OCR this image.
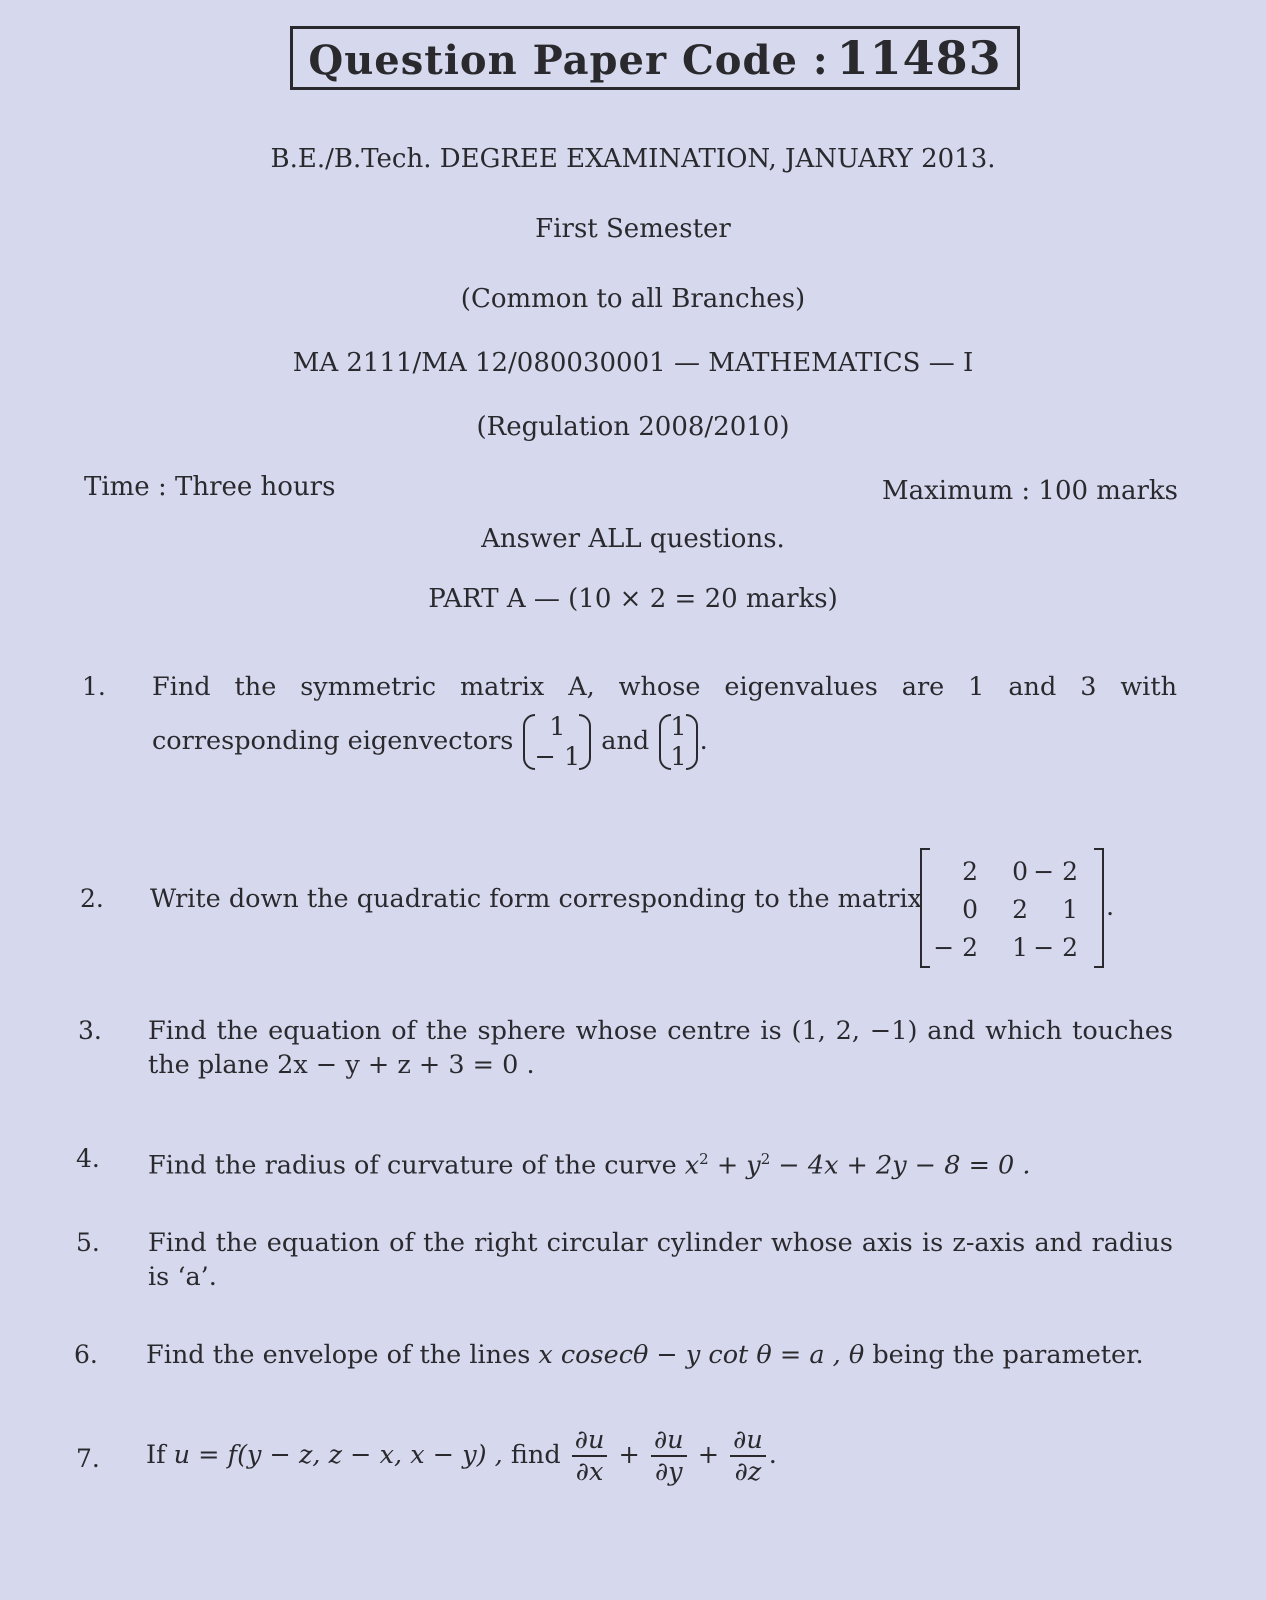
Question Paper Code : 11483
B.E./B.Tech. DEGREE EXAMINATION, JANUARY 2013.
First Semester
(Common to all Branches)
MA 2111/MA 12/080030001 — MATHEMATICS — I
(Regulation 2008/2010)
Time : Three hours	Maximum : 100 marks
Answer ALL questions.
PART A — (10 × 2 = 20 marks)
1. Find the symmetric matrix A, whose eigenvalues are 1 and 3 with
corresponding eigenvectors	1
− 1
and 1
1
.
2. Write down the quadratic form corresponding to the matrix
2	0	− 2
0	2	1
− 2	1	− 2
.
3. Find the equation of the sphere whose centre is (1, 2, −1) and which touches
the plane 2x − y + z + 3 = 0 .
4. Find the radius of curvature of the curve $x^2 + y^2 - 4x + 2y - 8 = 0$ .
5. Find the equation of the right circular cylinder whose axis is z-axis and radius
is ‘a’.
6. Find the envelope of the lines x cosecθ − y cot θ = a , θ being the parameter.
7. If u = f(y − z, z − x, x − y) , find $\frac{\partial u}{\partial x} + \frac{\partial u}{\partial y} + \frac{\partial u}{\partial z}$ .
